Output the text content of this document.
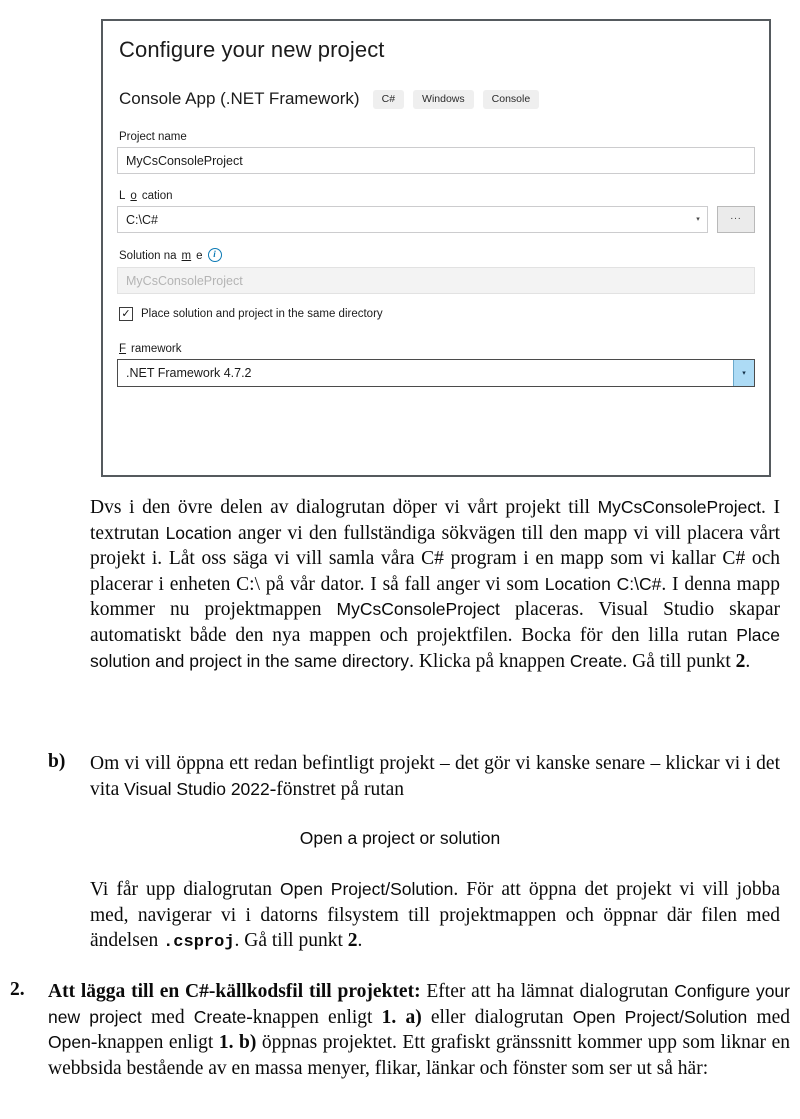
Configure your new project
Console App (.NET Framework)	C#	Windows	Console
Project name
MyCsConsoleProject
L o cation
C:\C#	▾	...
Solution na m e	i
MyCsConsoleProject
✓ Place solution and project in the same directory
F ramework
.NET Framework 4.7.2	▾

Dvs i den övre delen av dialogrutan döper vi vårt projekt till MyCsConsoleProject. I textrutan Location anger vi den fullständiga sökvägen till den mapp vi vill placera vårt projekt i. Låt oss säga vi vill samla våra C# program i en mapp som vi kallar C# och placerar i enheten C:\ på vår dator. I så fall anger vi som Location C:\C#. I denna mapp kommer nu projektmappen MyCsConsoleProject placeras. Visual Studio skapar automatiskt både den nya mappen och projektfilen. Bocka för den lilla rutan Place solution and project in the same directory. Klicka på knappen Create. Gå till punkt 2.

b) Om vi vill öppna ett redan befintligt projekt – det gör vi kanske senare – klickar vi i det vita Visual Studio 2022-fönstret på rutan

Open a project or solution

Vi får upp dialogrutan Open Project/Solution. För att öppna det projekt vi vill jobba med, navigerar vi i datorns filsystem till projektmappen och öppnar där filen med ändelsen .csproj. Gå till punkt 2.

2. Att lägga till en C#-källkodsfil till projektet: Efter att ha lämnat dialogrutan Configure your new project med Create-knappen enligt 1. a) eller dialogrutan Open Project/Solution med Open-knappen enligt 1. b) öppnas projektet. Ett grafiskt gränssnitt kommer upp som liknar en webbsida bestående av en massa menyer, flikar, länkar och fönster som ser ut så här:
